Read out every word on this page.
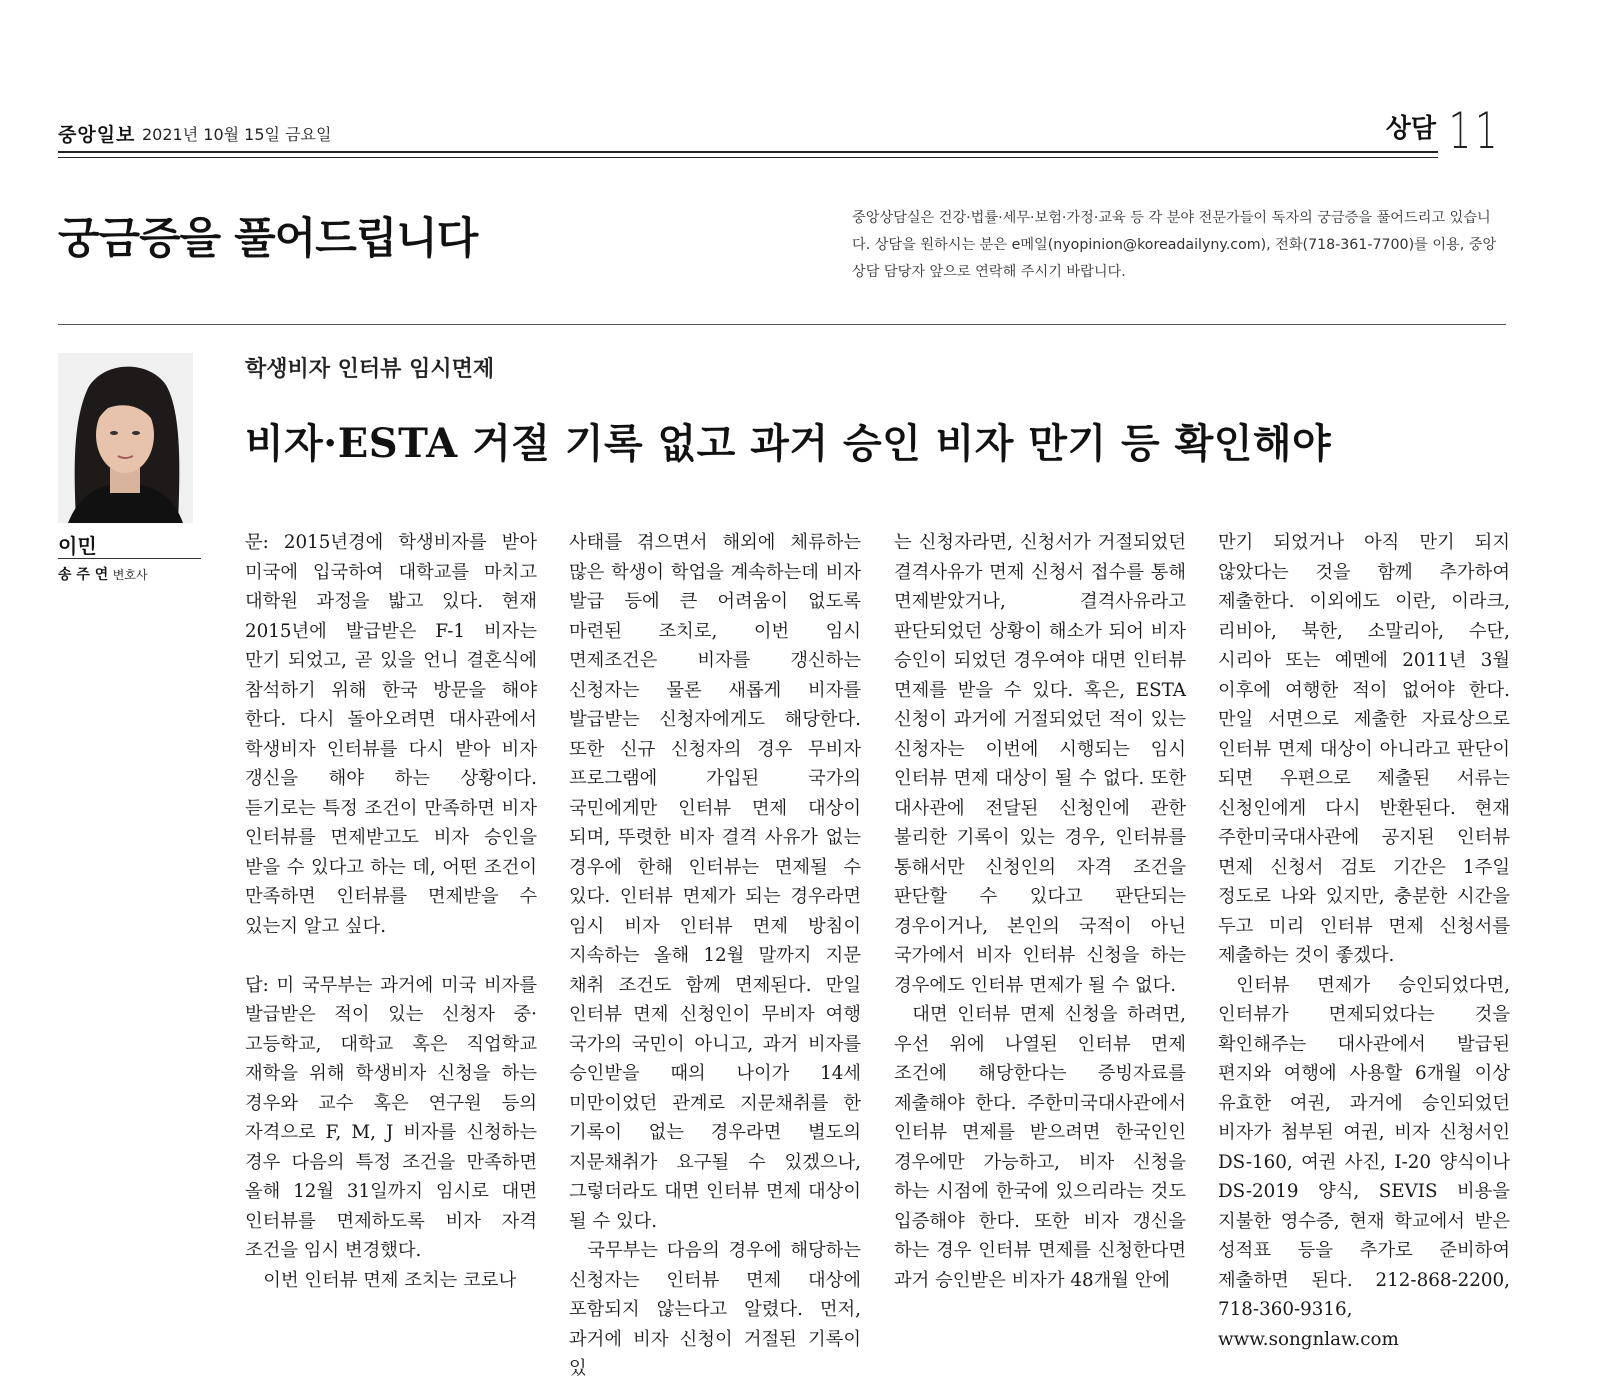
중앙일보 2021년 10월 15일 금요일	상담 11
궁금증을 풀어드립니다	중앙상담실은 건강·법률·세무·보험·가정·교육 등 각 분야 전문가들이 독자의 궁금증을 풀어드리고 있습니다. 상담을 원하시는 분은 e메일(nyopinion@koreadailyny.com), 전화(718-361-7700)를 이용, 중앙상담 담당자 앞으로 연락해 주시기 바랍니다.

이민
송 주 연 변호사
학생비자 인터뷰 임시면제
비자·ESTA 거절 기록 없고 과거 승인 비자 만기 등 확인해야

문: 2015년경에 학생비자를 받아 미국에 입국하여 대학교를 마치고 대학원 과정을 밟고 있다. 현재 2015년에 발급받은 F-1 비자는 만기 되었고, 곧 있을 언니 결혼식에 참석하기 위해 한국 방문을 해야 한다. 다시 돌아오려면 대사관에서 학생비자 인터뷰를 다시 받아 비자 갱신을 해야 하는 상황이다. 듣기로는 특정 조건이 만족하면 비자 인터뷰를 면제받고도 비자 승인을 받을 수 있다고 하는 데, 어떤 조건이 만족하면 인터뷰를 면제받을 수 있는지 알고 싶다.

답: 미 국무부는 과거에 미국 비자를 발급받은 적이 있는 신청자 중·고등학교, 대학교 혹은 직업학교 재학을 위해 학생비자 신청을 하는 경우와 교수 혹은 연구원 등의 자격으로 F, M, J 비자를 신청하는 경우 다음의 특정 조건을 만족하면 올해 12월 31일까지 임시로 대면 인터뷰를 면제하도록 비자 자격 조건을 임시 변경했다.

이번 인터뷰 면제 조치는 코로나

사태를 겪으면서 해외에 체류하는 많은 학생이 학업을 계속하는데 비자 발급 등에 큰 어려움이 없도록 마련된 조치로, 이번 임시 면제조건은 비자를 갱신하는 신청자는 물론 새롭게 비자를 발급받는 신청자에게도 해당한다. 또한 신규 신청자의 경우 무비자 프로그램에 가입된 국가의 국민에게만 인터뷰 면제 대상이 되며, 뚜렷한 비자 결격 사유가 없는 경우에 한해 인터뷰는 면제될 수 있다. 인터뷰 면제가 되는 경우라면 임시 비자 인터뷰 면제 방침이 지속하는 올해 12월 말까지 지문 채취 조건도 함께 면제된다. 만일 인터뷰 면제 신청인이 무비자 여행 국가의 국민이 아니고, 과거 비자를 승인받을 때의 나이가 14세 미만이었던 관계로 지문채취를 한 기록이 없는 경우라면 별도의 지문채취가 요구될 수 있겠으나, 그렇더라도 대면 인터뷰 면제 대상이 될 수 있다.

국무부는 다음의 경우에 해당하는 신청자는 인터뷰 면제 대상에 포함되지 않는다고 알렸다. 먼저, 과거에 비자 신청이 거절된 기록이 있

는 신청자라면, 신청서가 거절되었던 결격사유가 면제 신청서 접수를 통해 면제받았거나, 결격사유라고 판단되었던 상황이 해소가 되어 비자 승인이 되었던 경우여야 대면 인터뷰 면제를 받을 수 있다. 혹은, ESTA 신청이 과거에 거절되었던 적이 있는 신청자는 이번에 시행되는 임시 인터뷰 면제 대상이 될 수 없다. 또한 대사관에 전달된 신청인에 관한 불리한 기록이 있는 경우, 인터뷰를 통해서만 신청인의 자격 조건을 판단할 수 있다고 판단되는 경우이거나, 본인의 국적이 아닌 국가에서 비자 인터뷰 신청을 하는 경우에도 인터뷰 면제가 될 수 없다.

대면 인터뷰 면제 신청을 하려면, 우선 위에 나열된 인터뷰 면제 조건에 해당한다는 증빙자료를 제출해야 한다. 주한미국대사관에서 인터뷰 면제를 받으려면 한국인인 경우에만 가능하고, 비자 신청을 하는 시점에 한국에 있으리라는 것도 입증해야 한다. 또한 비자 갱신을 하는 경우 인터뷰 면제를 신청한다면 과거 승인받은 비자가 48개월 안에

만기 되었거나 아직 만기 되지 않았다는 것을 함께 추가하여 제출한다. 이외에도 이란, 이라크, 리비아, 북한, 소말리아, 수단, 시리아 또는 예멘에 2011년 3월 이후에 여행한 적이 없어야 한다. 만일 서면으로 제출한 자료상으로 인터뷰 면제 대상이 아니라고 판단이 되면 우편으로 제출된 서류는 신청인에게 다시 반환된다. 현재 주한미국대사관에 공지된 인터뷰 면제 신청서 검토 기간은 1주일 정도로 나와 있지만, 충분한 시간을 두고 미리 인터뷰 면제 신청서를 제출하는 것이 좋겠다.

인터뷰 면제가 승인되었다면, 인터뷰가 면제되었다는 것을 확인해주는 대사관에서 발급된 편지와 여행에 사용할 6개월 이상 유효한 여권, 과거에 승인되었던 비자가 첨부된 여권, 비자 신청서인 DS-160, 여권 사진, I-20 양식이나 DS-2019 양식, SEVIS 비용을 지불한 영수증, 현재 학교에서 받은 성적표 등을 추가로 준비하여 제출하면 된다. 212-868-2200, 718-360-9316, www.songnlaw.com
